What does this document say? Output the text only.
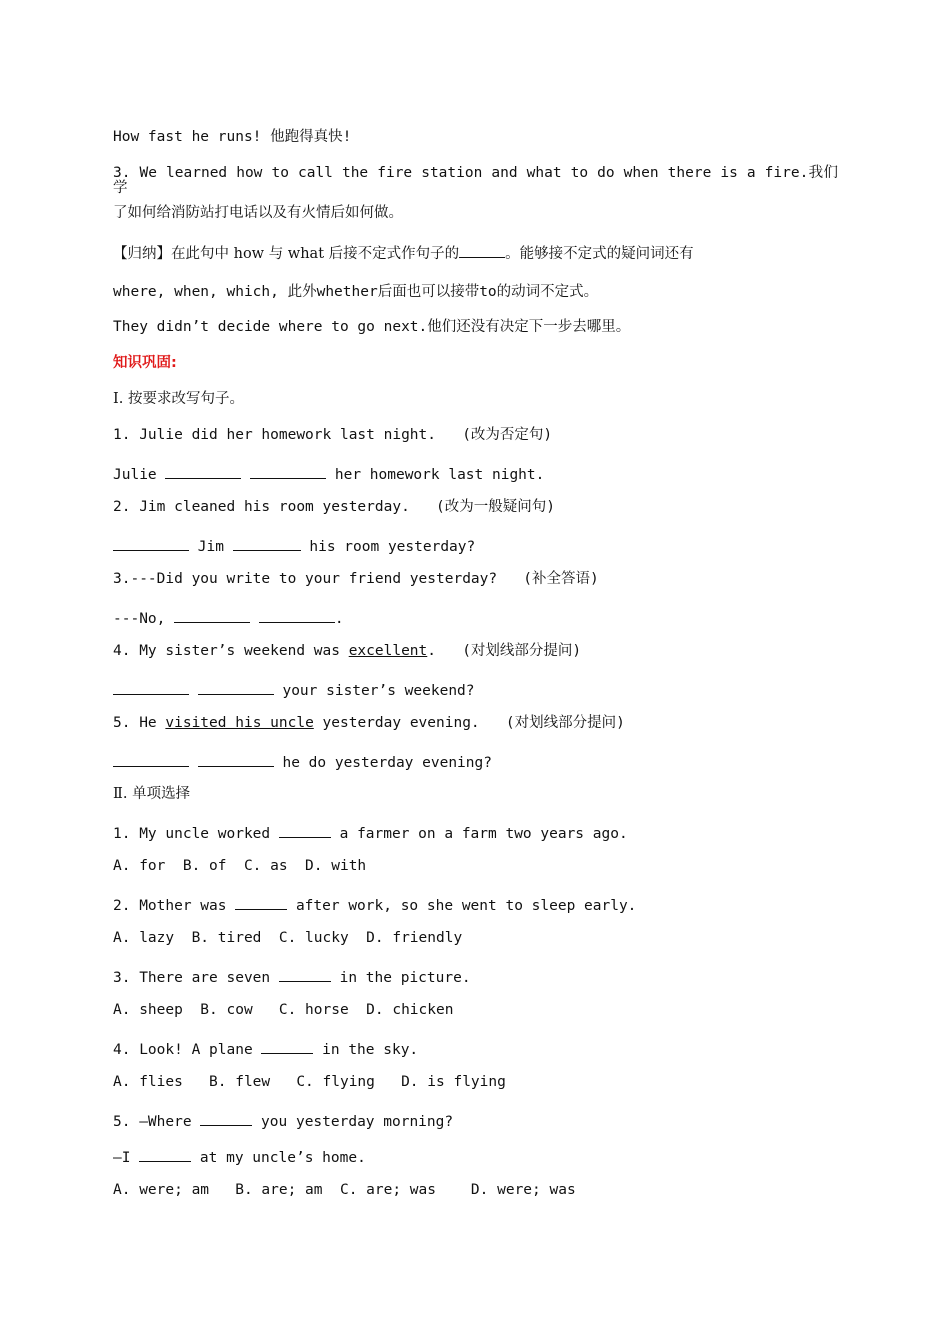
How fast he runs! 他跑得真快!
3. We learned how to call the fire station and what to do when there is a fire.我们学
了如何给消防站打电话以及有火情后如何做。
【归纳】在此句中 how 与 what 后接不定式作句子的	。能够接不定式的疑问词还有
where, when, which, 此外whether后面也可以接带to的动词不定式。
They didn’t decide where to go next.他们还没有决定下一步去哪里。
知识巩固:
Ⅰ. 按要求改写句子。
1. Julie did her homework last night.   (改为否定句)
Julie	her homework last night.
2. Jim cleaned his room yesterday.   (改为一般疑问句)
Jim	his room yesterday?
3.---Did you write to your friend yesterday?   (补全答语)
---No,	.
4. My sister’s weekend was excellent.   (对划线部分提问)
your sister’s weekend?
5. He visited his uncle yesterday evening.   (对划线部分提问)
he do yesterday evening?
Ⅱ. 单项选择
1. My uncle worked	a farmer on a farm two years ago.
A. for  B. of  C. as  D. with
2. Mother was	after work, so she went to sleep early.
A. lazy  B. tired  C. lucky  D. friendly
3. There are seven	in the picture.
A. sheep  B. cow   C. horse  D. chicken
4. Look! A plane	in the sky.
A. flies   B. flew   C. flying   D. is flying
5. —Where	you yesterday morning?
—I	at my uncle’s home.
A. were; am   B. are; am  C. are; was    D. were; was
